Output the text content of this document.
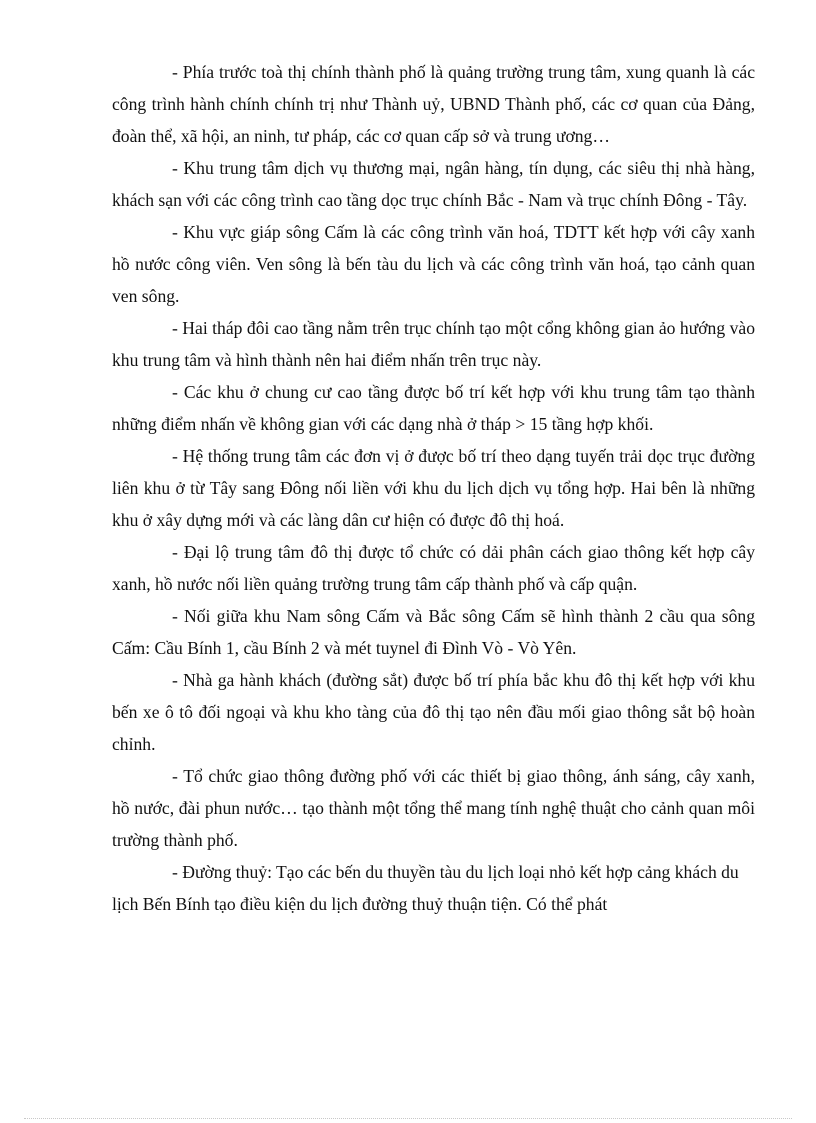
- Phía trước toà thị chính thành phố là quảng trường trung tâm, xung quanh là các công trình hành chính chính trị như Thành uỷ, UBND Thành phố, các cơ quan của Đảng, đoàn thể, xã hội, an ninh, tư pháp, các cơ quan cấp sở và trung ương…

- Khu trung tâm dịch vụ thương mại, ngân hàng, tín dụng, các siêu thị nhà hàng, khách sạn với các công trình cao tầng dọc trục chính Bắc - Nam và trục chính Đông - Tây.

- Khu vực giáp sông Cấm là các công trình văn hoá, TDTT kết hợp với cây xanh hồ nước công viên. Ven sông là bến tàu du lịch và các công trình văn hoá, tạo cảnh quan ven sông.

- Hai tháp đôi cao tầng nằm trên trục chính tạo một cổng không gian ảo hướng vào khu trung tâm và hình thành nên hai điểm nhấn trên trục này.

- Các khu ở chung cư cao tầng được bố trí kết hợp với khu trung tâm tạo thành những điểm nhấn về không gian với các dạng nhà ở tháp > 15 tầng hợp khối.

- Hệ thống trung tâm các đơn vị ở được bố trí theo dạng tuyến trải dọc trục đường liên khu ở từ Tây sang Đông nối liền với khu du lịch dịch vụ tổng hợp. Hai bên là những khu ở xây dựng mới và các làng dân cư hiện có được đô thị hoá.

- Đại lộ trung tâm đô thị được tổ chức có dải phân cách giao thông kết hợp cây xanh, hồ nước nối liền quảng trường trung tâm cấp thành phố và cấp quận.

- Nối giữa khu Nam sông Cấm và Bắc sông Cấm sẽ hình thành 2 cầu qua sông Cấm: Cầu Bính 1, cầu Bính 2 và mét tuynel đi Đình Vò - Vò Yên.

- Nhà ga hành khách (đường sắt) được bố trí phía bắc khu đô thị kết hợp với khu bến xe ô tô đối ngoại và khu kho tàng của đô thị tạo nên đầu mối giao thông sắt bộ hoàn chỉnh.

- Tổ chức giao thông đường phố với các thiết bị giao thông, ánh sáng, cây xanh, hồ nước, đài phun nước… tạo thành một tổng thể mang tính nghệ thuật cho cảnh quan môi trường thành phố.

- Đường thuỷ: Tạo các bến du thuyền tàu du lịch loại nhỏ kết hợp cảng khách du lịch Bến Bính tạo điều kiện du lịch đường thuỷ thuận tiện. Có thể phát
